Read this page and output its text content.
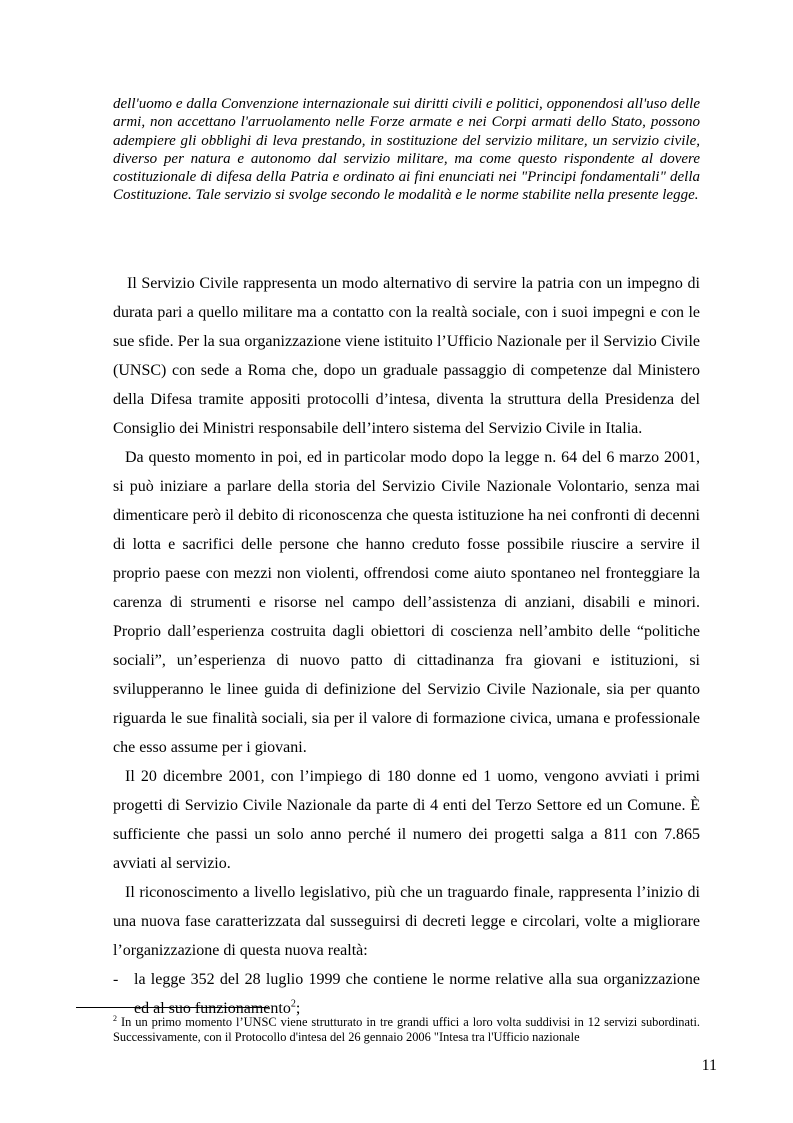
dell'uomo e dalla Convenzione internazionale sui diritti civili e politici, opponendosi all'uso delle armi, non accettano l'arruolamento nelle Forze armate e nei Corpi armati dello Stato, possono adempiere gli obblighi di leva prestando, in sostituzione del servizio militare, un servizio civile, diverso per natura e autonomo dal servizio militare, ma come questo rispondente al dovere costituzionale di difesa della Patria e ordinato ai fini enunciati nei "Principi fondamentali" della Costituzione. Tale servizio si svolge secondo le modalità e le norme stabilite nella presente legge.

Il Servizio Civile rappresenta un modo alternativo di servire la patria con un impegno di durata pari a quello militare ma a contatto con la realtà sociale, con i suoi impegni e con le sue sfide. Per la sua organizzazione viene istituito l’Ufficio Nazionale per il Servizio Civile (UNSC) con sede a Roma che, dopo un graduale passaggio di competenze dal Ministero della Difesa tramite appositi protocolli d’intesa, diventa la struttura della Presidenza del Consiglio dei Ministri responsabile dell’intero sistema del Servizio Civile in Italia.

Da questo momento in poi, ed in particolar modo dopo la legge n. 64 del 6 marzo 2001, si può iniziare a parlare della storia del Servizio Civile Nazionale Volontario, senza mai dimenticare però il debito di riconoscenza che questa istituzione ha nei confronti di decenni di lotta e sacrifici delle persone che hanno creduto fosse possibile riuscire a servire il proprio paese con mezzi non violenti, offrendosi come aiuto spontaneo nel fronteggiare la carenza di strumenti e risorse nel campo dell’assistenza di anziani, disabili e minori. Proprio dall’esperienza costruita dagli obiettori di coscienza nell’ambito delle “politiche sociali”, un’esperienza di nuovo patto di cittadinanza fra giovani e istituzioni, si svilupperanno le linee guida di definizione del Servizio Civile Nazionale, sia per quanto riguarda le sue finalità sociali, sia per il valore di formazione civica, umana e professionale che esso assume per i giovani.

Il 20 dicembre 2001, con l’impiego di 180 donne ed 1 uomo, vengono avviati i primi progetti di Servizio Civile Nazionale da parte di 4 enti del Terzo Settore ed un Comune. È sufficiente che passi un solo anno perché il numero dei progetti salga a 811 con 7.865 avviati al servizio.

Il riconoscimento a livello legislativo, più che un traguardo finale, rappresenta l’inizio di una nuova fase caratterizzata dal susseguirsi di decreti legge e circolari, volte a migliorare l’organizzazione di questa nuova realtà:

- la legge 352 del 28 luglio 1999 che contiene le norme relative alla sua organizzazione ed al suo funzionamento$^2$;

$^2$ In un primo momento l’UNSC viene strutturato in tre grandi uffici a loro volta suddivisi in 12 servizi subordinati. Successivamente, con il Protocollo d'intesa del 26 gennaio 2006 "Intesa tra l'Ufficio nazionale

11
